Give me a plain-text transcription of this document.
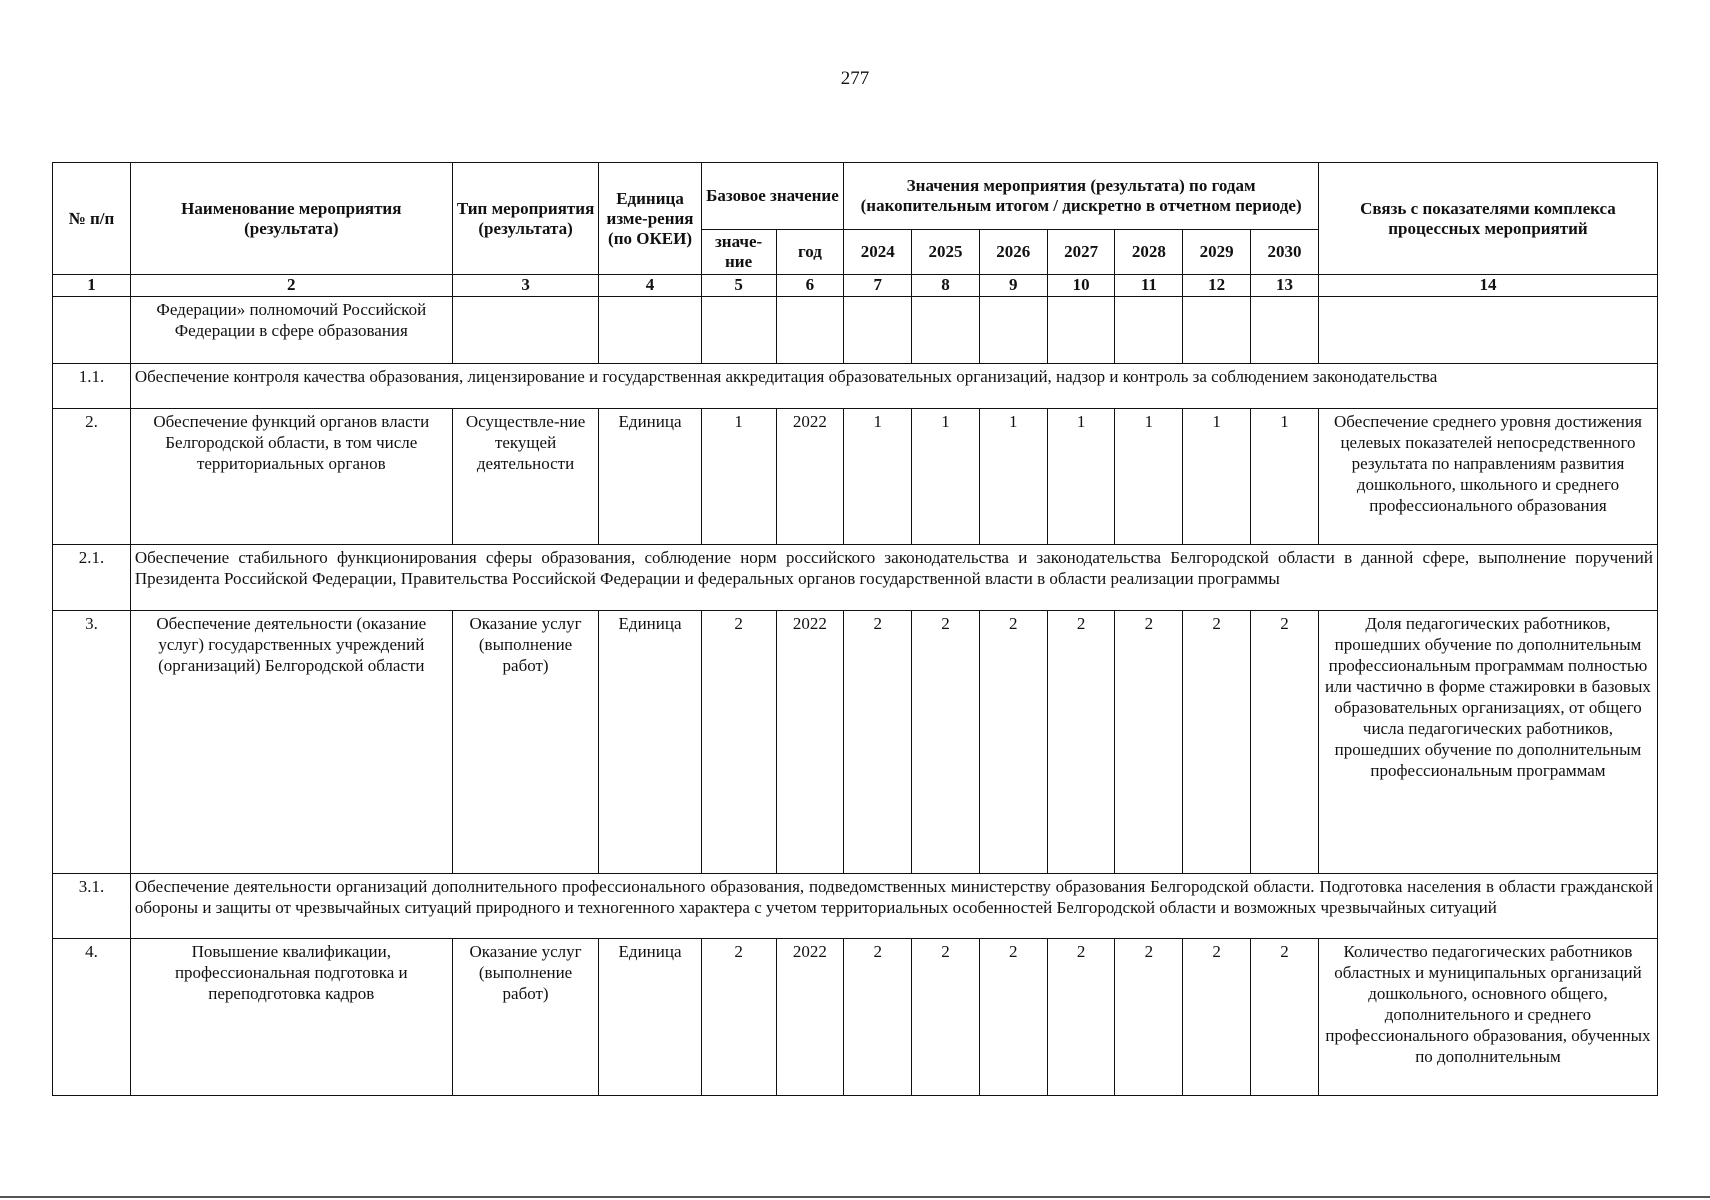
277
№ п/п	Наименование мероприятия (результата)	Тип мероприятия (результата)	Единица изме-рения (по ОКЕИ)	Базовое значение		Значения мероприятия (результата) по годам (накопительным итогом / дискретно в отчетном периоде)							Связь с показателями комплекса процессных мероприятий
				значе-ние	год	2024	2025	2026	2027	2028	2029	2030	
1	2	3	4	5	6	7	8	9	10	11	12	13	14
	Федерации» полномочий Российской Федерации в сфере образования												
1.1.	Обеспечение контроля качества образования, лицензирование и государственная аккредитация образовательных организаций, надзор и контроль за соблюдением законодательства												
2.	Обеспечение функций органов власти Белгородской области, в том числе территориальных органов	Осуществле-ние текущей деятельности	Единица	1	2022	1	1	1	1	1	1	1	Обеспечение среднего уровня достижения целевых показателей непосредственного результата по направлениям развития дошкольного, школьного и среднего профессионального образования
2.1.	Обеспечение стабильного функционирования сферы образования, соблюдение норм российского законодательства и законодательства Белгородской области в данной сфере, выполнение поручений Президента Российской Федерации, Правительства Российской Федерации и федеральных органов государственной власти в области реализации программы												
3.	Обеспечение деятельности (оказание услуг) государственных учреждений (организаций) Белгородской области	Оказание услуг (выполнение работ)	Единица	2	2022	2	2	2	2	2	2	2	Доля педагогических работников, прошедших обучение по дополнительным профессиональным программам полностью или частично в форме стажировки в базовых образовательных организациях, от общего числа педагогических работников, прошедших обучение по дополнительным профессиональным программам
3.1.	Обеспечение деятельности организаций дополнительного профессионального образования, подведомственных министерству образования Белгородской области. Подготовка населения в области гражданской обороны и защиты от чрезвычайных ситуаций природного и техногенного характера с учетом территориальных особенностей Белгородской области и возможных чрезвычайных ситуаций												
4.	Повышение квалификации, профессиональная подготовка и переподготовка кадров	Оказание услуг (выполнение работ)	Единица	2	2022	2	2	2	2	2	2	2	Количество педагогических работников областных и муниципальных организаций дошкольного, основного общего, дополнительного и среднего профессионального образования, обученных по дополнительным
